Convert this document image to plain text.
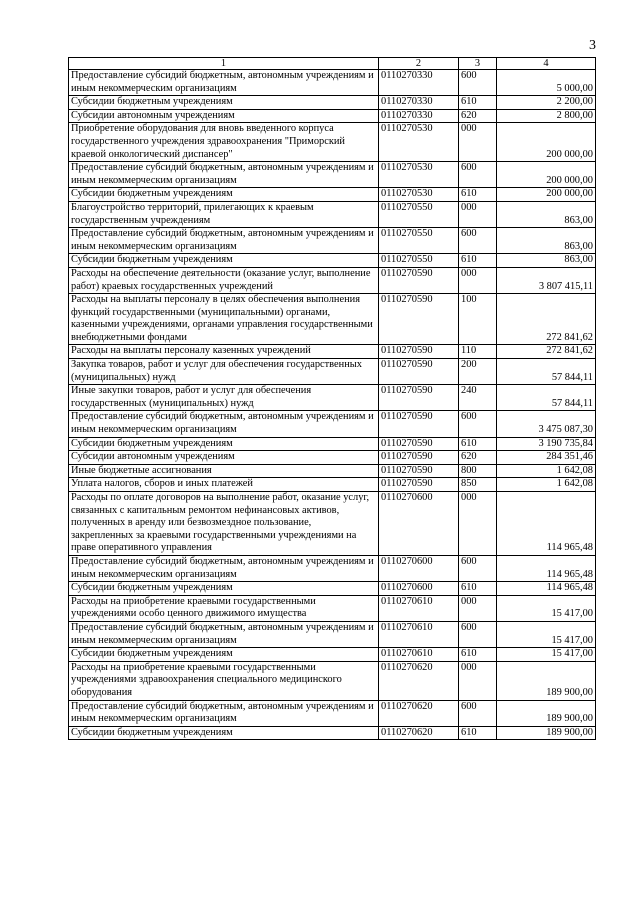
3
1	2	3	4
Предоставление субсидий бюджетным, автономным учреждениям и иным некоммерческим организациям	0110270330	600	5 000,00
Субсидии бюджетным учреждениям	0110270330	610	2 200,00
Субсидии автономным учреждениям	0110270330	620	2 800,00
Приобретение оборудования для вновь введенного корпуса государственного учреждения здравоохранения "Приморский краевой онкологический диспансер"	0110270530	000	200 000,00
Предоставление субсидий бюджетным, автономным учреждениям и иным некоммерческим организациям	0110270530	600	200 000,00
Субсидии бюджетным учреждениям	0110270530	610	200 000,00
Благоустройство территорий, прилегающих к краевым государственным учреждениям	0110270550	000	863,00
Предоставление субсидий бюджетным, автономным учреждениям и иным некоммерческим организациям	0110270550	600	863,00
Субсидии бюджетным учреждениям	0110270550	610	863,00
Расходы на обеспечение деятельности (оказание услуг, выполнение работ) краевых государственных учреждений	0110270590	000	3 807 415,11
Расходы на выплаты персоналу в целях обеспечения выполнения функций государственными (муниципальными) органами, казенными учреждениями, органами управления государственными внебюджетными фондами	0110270590	100	272 841,62
Расходы на выплаты персоналу казенных учреждений	0110270590	110	272 841,62
Закупка товаров, работ и услуг для обеспечения государственных (муниципальных) нужд	0110270590	200	57 844,11
Иные закупки товаров, работ и услуг для обеспечения государственных (муниципальных) нужд	0110270590	240	57 844,11
Предоставление субсидий бюджетным, автономным учреждениям и иным некоммерческим организациям	0110270590	600	3 475 087,30
Субсидии бюджетным учреждениям	0110270590	610	3 190 735,84
Субсидии автономным учреждениям	0110270590	620	284 351,46
Иные бюджетные ассигнования	0110270590	800	1 642,08
Уплата налогов, сборов и иных платежей	0110270590	850	1 642,08
Расходы по оплате договоров на выполнение работ, оказание услуг, связанных с капитальным ремонтом нефинансовых активов, полученных в аренду или безвозмездное пользование, закрепленных за краевыми государственными учреждениями на праве оперативного управления	0110270600	000	114 965,48
Предоставление субсидий бюджетным, автономным учреждениям и иным некоммерческим организациям	0110270600	600	114 965,48
Субсидии бюджетным учреждениям	0110270600	610	114 965,48
Расходы на приобретение краевыми государственными учреждениями особо ценного движимого имущества	0110270610	000	15 417,00
Предоставление субсидий бюджетным, автономным учреждениям и иным некоммерческим организациям	0110270610	600	15 417,00
Субсидии бюджетным учреждениям	0110270610	610	15 417,00
Расходы на приобретение краевыми государственными учреждениями здравоохранения специального медицинского оборудования	0110270620	000	189 900,00
Предоставление субсидий бюджетным, автономным учреждениям и иным некоммерческим организациям	0110270620	600	189 900,00
Субсидии бюджетным учреждениям	0110270620	610	189 900,00
